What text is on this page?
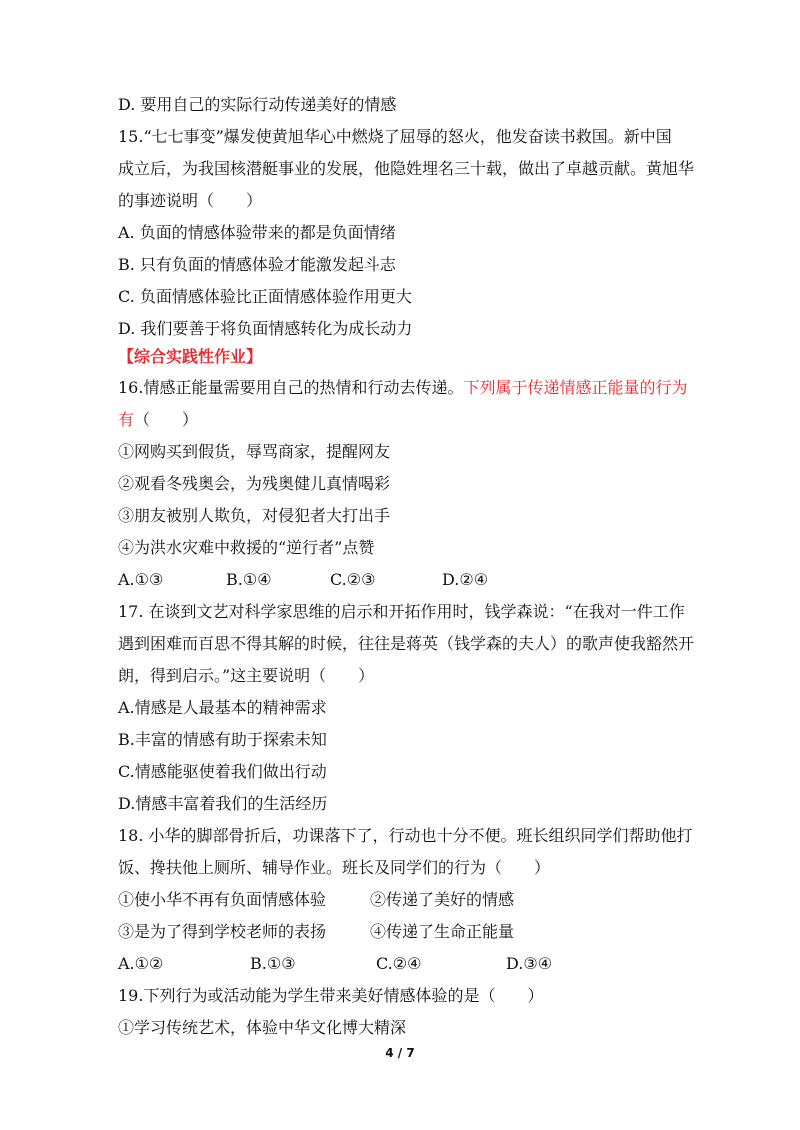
D. 要用自己的实际行动传递美好的情感
15.“七七事变”爆发使黄旭华心中燃烧了屈辱的怒火，他发奋读书救国。新中国
成立后，为我国核潜艇事业的发展，他隐姓埋名三十载，做出了卓越贡献。黄旭华
的事迹说明（　　）
A. 负面的情感体验带来的都是负面情绪
B. 只有负面的情感体验才能激发起斗志
C. 负面情感体验比正面情感体验作用更大
D. 我们要善于将负面情感转化为成长动力
【综合实践性作业】
16.情感正能量需要用自己的热情和行动去传递。下列属于传递情感正能量的行为
有（　　）
①网购买到假货，辱骂商家，提醒网友
②观看冬残奥会，为残奥健儿真情喝彩
③朋友被别人欺负，对侵犯者大打出手
④为洪水灾难中救援的“逆行者”点赞
A.①③	B.①④	C.②③	D.②④
17. 在谈到文艺对科学家思维的启示和开拓作用时，钱学森说：“在我对一件工作
遇到困难而百思不得其解的时候，往往是蒋英（钱学森的夫人）的歌声使我豁然开
朗，得到启示。”这主要说明（　　）
A.情感是人最基本的精神需求
B.丰富的情感有助于探索未知
C.情感能驱使着我们做出行动
D.情感丰富着我们的生活经历
18. 小华的脚部骨折后，功课落下了，行动也十分不便。班长组织同学们帮助他打
饭、搀扶他上厕所、辅导作业。班长及同学们的行为（　　）
①使小华不再有负面情感体验	②传递了美好的情感
③是为了得到学校老师的表扬	④传递了生命正能量
A.①②	B.①③	C.②④	D.③④
19.下列行为或活动能为学生带来美好情感体验的是（　　）
①学习传统艺术，体验中华文化博大精深
4 / 7
